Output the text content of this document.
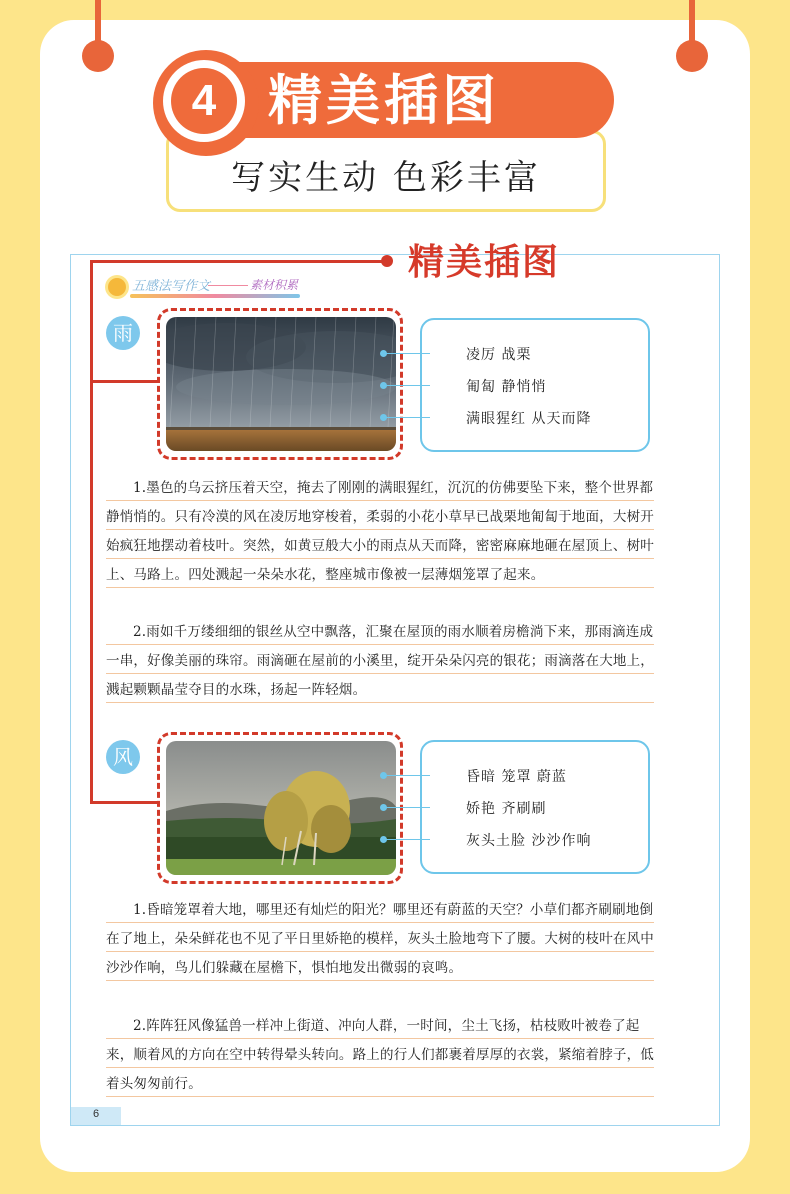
写实生动 色彩丰富
4 精美插图
精美插图
五感法写作文	素材积累
雨
凌厉 战栗
匍匐 静悄悄
满眼猩红 从天而降
1.墨色的乌云挤压着天空，掩去了刚刚的满眼猩红，沉沉的仿佛要坠下来，整个世界都静悄悄的。只有冷漠的风在凌厉地穿梭着，柔弱的小花小草早已战栗地匍匐于地面，大树开始疯狂地摆动着枝叶。突然，如黄豆般大小的雨点从天而降，密密麻麻地砸在屋顶上、树叶上、马路上。四处溅起一朵朵水花，整座城市像被一层薄烟笼罩了起来。
2.雨如千万缕细细的银丝从空中飘落，汇聚在屋顶的雨水顺着房檐淌下来，那雨滴连成一串，好像美丽的珠帘。雨滴砸在屋前的小溪里，绽开朵朵闪亮的银花；雨滴落在大地上，溅起颗颗晶莹夺目的水珠，扬起一阵轻烟。
风
昏暗 笼罩 蔚蓝
娇艳 齐刷刷
灰头土脸 沙沙作响
1.昏暗笼罩着大地，哪里还有灿烂的阳光？哪里还有蔚蓝的天空？小草们都齐刷刷地倒在了地上，朵朵鲜花也不见了平日里娇艳的模样，灰头土脸地弯下了腰。大树的枝叶在风中沙沙作响，鸟儿们躲藏在屋檐下，惧怕地发出微弱的哀鸣。
2.阵阵狂风像猛兽一样冲上街道、冲向人群，一时间，尘土飞扬，枯枝败叶被卷了起来，顺着风的方向在空中转得晕头转向。路上的行人们都裹着厚厚的衣裳，紧缩着脖子，低着头匆匆前行。
6
